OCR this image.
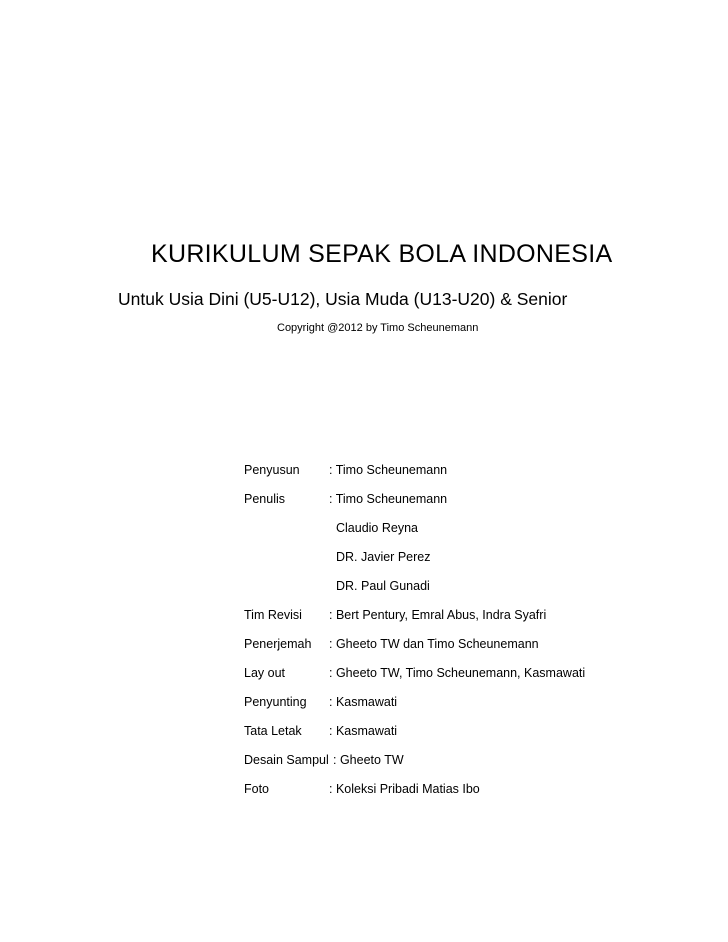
KURIKULUM SEPAK BOLA INDONESIA

Untuk Usia Dini (U5-U12), Usia Muda (U13-U20) & Senior

Copyright @2012 by Timo Scheunemann

Penyusun : Timo Scheunemann
Penulis	: Timo Scheunemann
Claudio Reyna
DR. Javier Perez
DR. Paul Gunadi
Tim Revisi : Bert Pentury, Emral Abus, Indra Syafri
Penerjemah : Gheeto TW dan Timo Scheunemann
Lay out	: Gheeto TW, Timo Scheunemann, Kasmawati
Penyunting : Kasmawati
Tata Letak : Kasmawati
Desain Sampul : Gheeto TW
Foto	: Koleksi Pribadi Matias Ibo
